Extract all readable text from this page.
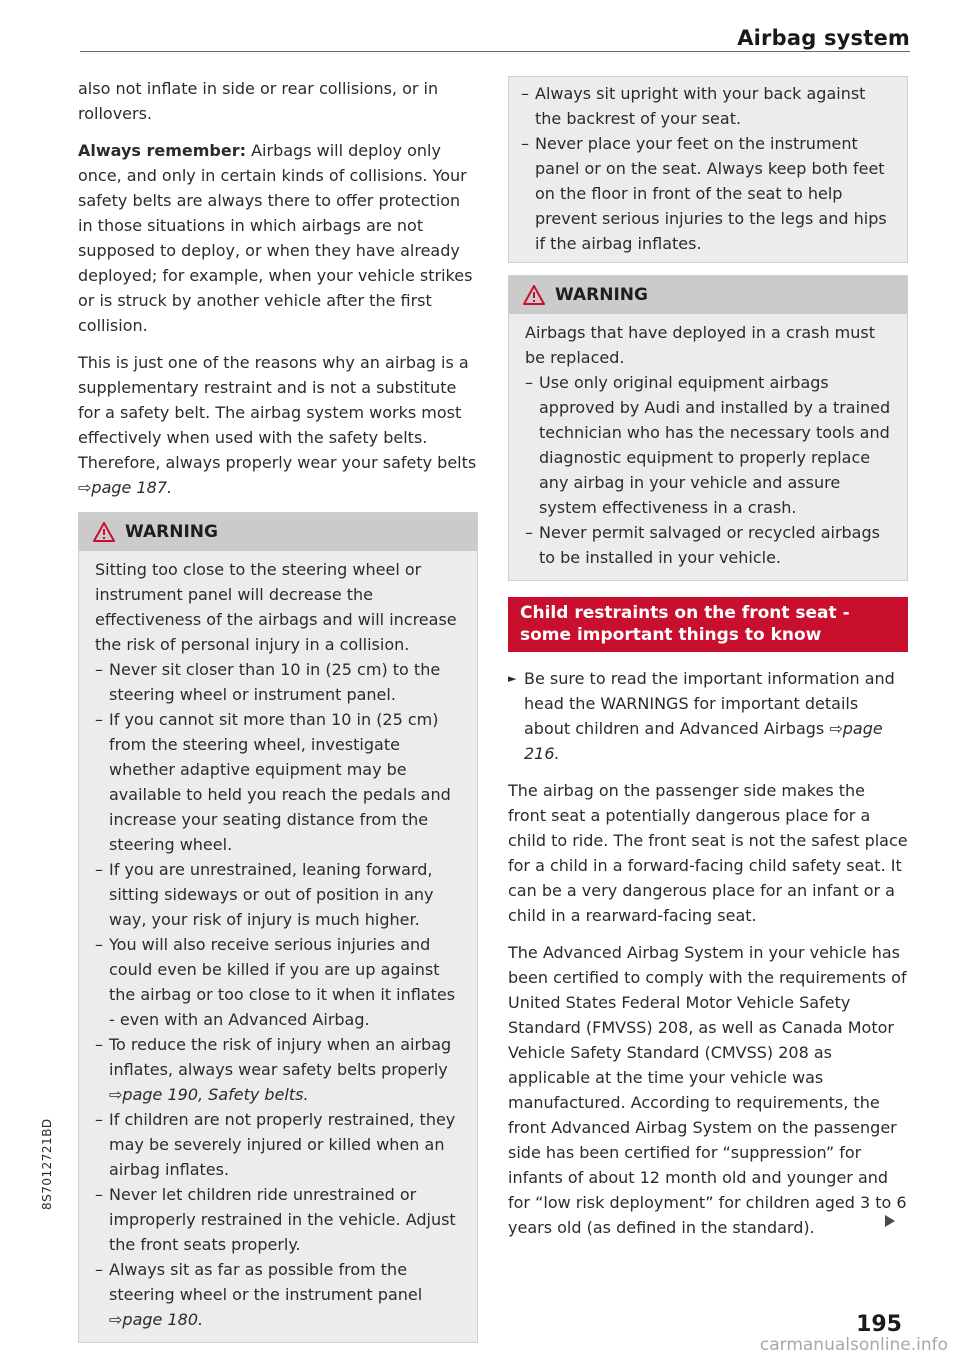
Airbag system

also not inflate in side or rear collisions, or in rollovers.

Always remember: Airbags will deploy only once, and only in certain kinds of collisions. Your safety belts are always there to offer protection in those situations in which airbags are not supposed to deploy, or when they have already deployed; for example, when your vehicle strikes or is struck by another vehicle after the first collision.

This is just one of the reasons why an airbag is a supplementary restraint and is not a substitute for a safety belt. The airbag system works most effectively when used with the safety belts. Therefore, always properly wear your safety belts ⇨page 187.

WARNING

Sitting too close to the steering wheel or instrument panel will decrease the effectiveness of the airbags and will increase the risk of personal injury in a collision.

– Never sit closer than 10 in (25 cm) to the steering wheel or instrument panel.
– If you cannot sit more than 10 in (25 cm) from the steering wheel, investigate whether adaptive equipment may be available to held you reach the pedals and increase your seating distance from the steering wheel.
– If you are unrestrained, leaning forward, sitting sideways or out of position in any way, your risk of injury is much higher.
– You will also receive serious injuries and could even be killed if you are up against the airbag or too close to it when it inflates - even with an Advanced Airbag.
– To reduce the risk of injury when an airbag inflates, always wear safety belts properly ⇨page 190, Safety belts.
– If children are not properly restrained, they may be severely injured or killed when an airbag inflates.
– Never let children ride unrestrained or improperly restrained in the vehicle. Adjust the front seats properly.
– Always sit as far as possible from the steering wheel or the instrument panel ⇨page 180.
– Always sit upright with your back against the backrest of your seat.
– Never place your feet on the instrument panel or on the seat. Always keep both feet on the floor in front of the seat to help prevent serious injuries to the legs and hips if the airbag inflates.
WARNING

Airbags that have deployed in a crash must be replaced.

– Use only original equipment airbags approved by Audi and installed by a trained technician who has the necessary tools and diagnostic equipment to properly replace any airbag in your vehicle and assure system effectiveness in a crash.
– Never permit salvaged or recycled airbags to be installed in your vehicle.
Child restraints on the front seat - some important things to know

► Be sure to read the important information and head the WARNINGS for important details about children and Advanced Airbags ⇨page 216.

The airbag on the passenger side makes the front seat a potentially dangerous place for a child to ride. The front seat is not the safest place for a child in a forward-facing child safety seat. It can be a very dangerous place for an infant or a child in a rearward-facing seat.

The Advanced Airbag System in your vehicle has been certified to comply with the requirements of United States Federal Motor Vehicle Safety Standard (FMVSS) 208, as well as Canada Motor Vehicle Safety Standard (CMVSS) 208 as applicable at the time your vehicle was manufactured. According to requirements, the front Advanced Airbag System on the passenger side has been certified for “suppression” for infants of about 12 month old and younger and for “low risk deployment” for children aged 3 to 6 years old (as defined in the standard).

195
8S7012721BD
carmanualsonline.info
